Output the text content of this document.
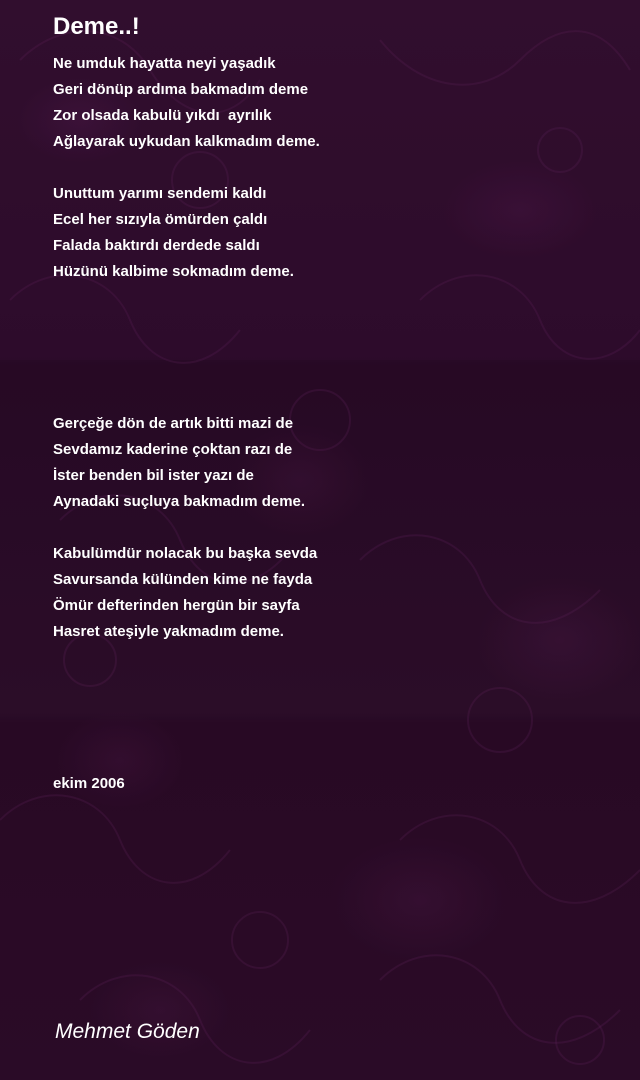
Deme..!
Ne umduk hayatta neyi yaşadık
Geri dönüp ardıma bakmadım deme
Zor olsada kabulü yıkdı  ayrılık
Ağlayarak uykudan kalkmadım deme.
Unuttum yarımı sendemi kaldı
Ecel her sızıyla ömürden çaldı
Falada baktırdı derdede saldı
Hüzünü kalbime sokmadım deme.
Gerçeğe dön de artık bitti mazi de
Sevdamız kaderine çoktan razı de
İster benden bil ister yazı de
Aynadaki suçluya bakmadım deme.
Kabulümdür nolacak bu başka sevda
Savursanda külünden kime ne fayda
Ömür defterinden hergün bir sayfa
Hasret ateşiyle yakmadım deme.
ekim 2006
Mehmet Göden
